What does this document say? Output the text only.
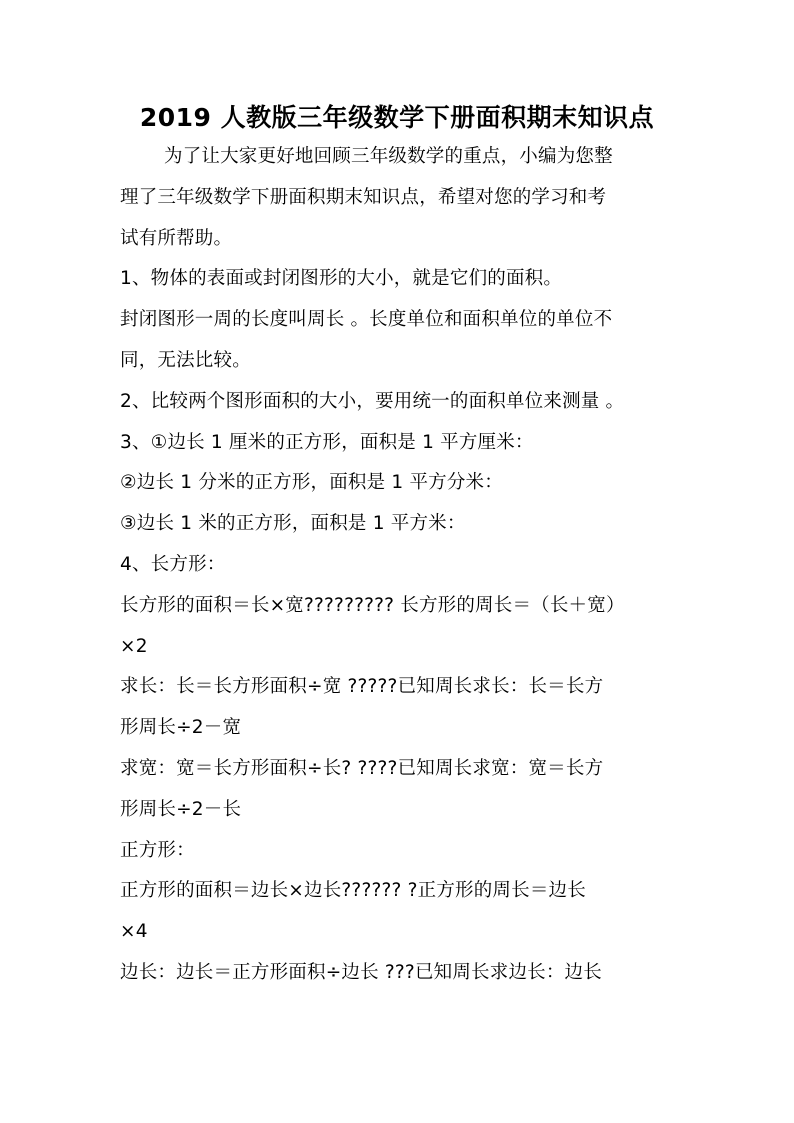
2019 人教版三年级数学下册面积期末知识点
为了让大家更好地回顾三年级数学的重点，小编为您整
理了三年级数学下册面积期末知识点，希望对您的学习和考
试有所帮助。
1、物体的表面或封闭图形的大小，就是它们的面积。
封闭图形一周的长度叫周长 。长度单位和面积单位的单位不
同，无法比较。
2、比较两个图形面积的大小，要用统一的面积单位来测量 。
3、①边长 1 厘米的正方形，面积是 1 平方厘米：
②边长 1 分米的正方形，面积是 1 平方分米：
③边长 1 米的正方形，面积是 1 平方米：
4、长方形：
长方形的面积＝长×宽????????? 长方形的周长＝（长＋宽）
×2
求长：长＝长方形面积÷宽 ?????已知周长求长：长＝长方
形周长÷2－宽
求宽：宽＝长方形面积÷长? ????已知周长求宽：宽＝长方
形周长÷2－长
正方形：
正方形的面积＝边长×边长?????? ?正方形的周长＝边长
×4
边长：边长＝正方形面积÷边长 ???已知周长求边长：边长
